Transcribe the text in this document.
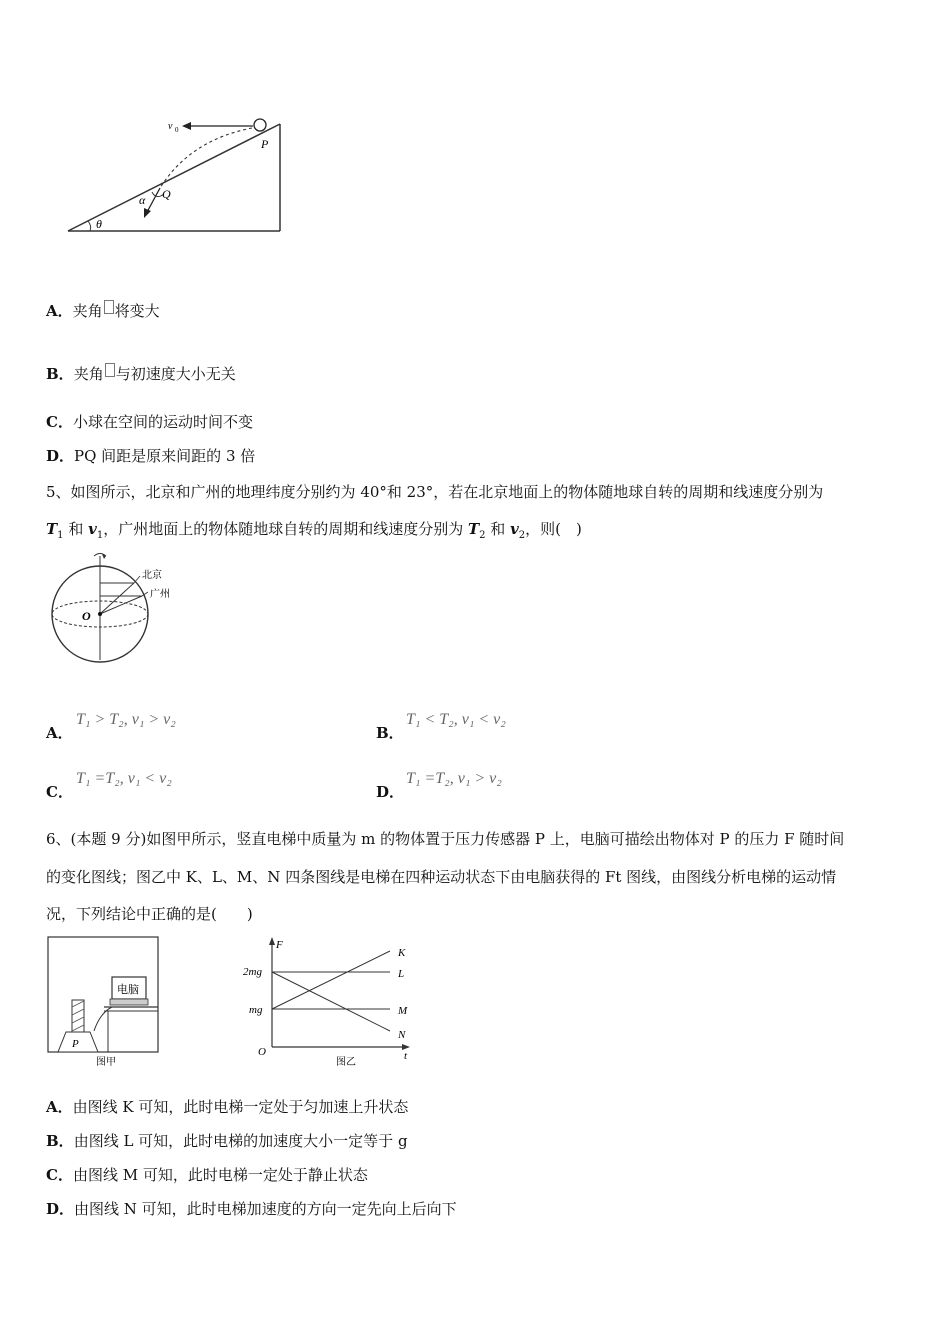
v 0
P
Q
α
θ
A．夹角 将变大
B．夹角 与初速度大小无关
C．小球在空间的运动时间不变
D．PQ 间距是原来间距的 3 倍
5、如图所示，北京和广州的地理纬度分别约为 40°和 23°，若在北京地面上的物体随地球自转的周期和线速度分别为
$T_1$ 和 $v_1$，广州地面上的物体随地球自转的周期和线速度分别为 $T_2$ 和 $v_2$，则(　)
北京
广州
O
A．
T₁ > T₂, v₁ > v₂
B．
T₁ < T₂, v₁ < v₂
C．
T₁ =T₂, v₁ < v₂
D．
T₁ =T₂, v₁ > v₂
6、(本题 9 分)如图甲所示，竖直电梯中质量为 m 的物体置于压力传感器 P 上，电脑可描绘出物体对 P 的压力 F 随时间
的变化图线；图乙中 K、L、M、N 四条图线是电梯在四种运动状态下由电脑获得的 Ft 图线，由图线分析电梯的运动情
况，下列结论中正确的是(　　)
电脑
P
图甲
F
t
O
2mg
mg
K
L
M
N
图乙
A．由图线 K 可知，此时电梯一定处于匀加速上升状态
B．由图线 L 可知，此时电梯的加速度大小一定等于 g
C．由图线 M 可知，此时电梯一定处于静止状态
D．由图线 N 可知，此时电梯加速度的方向一定先向上后向下
